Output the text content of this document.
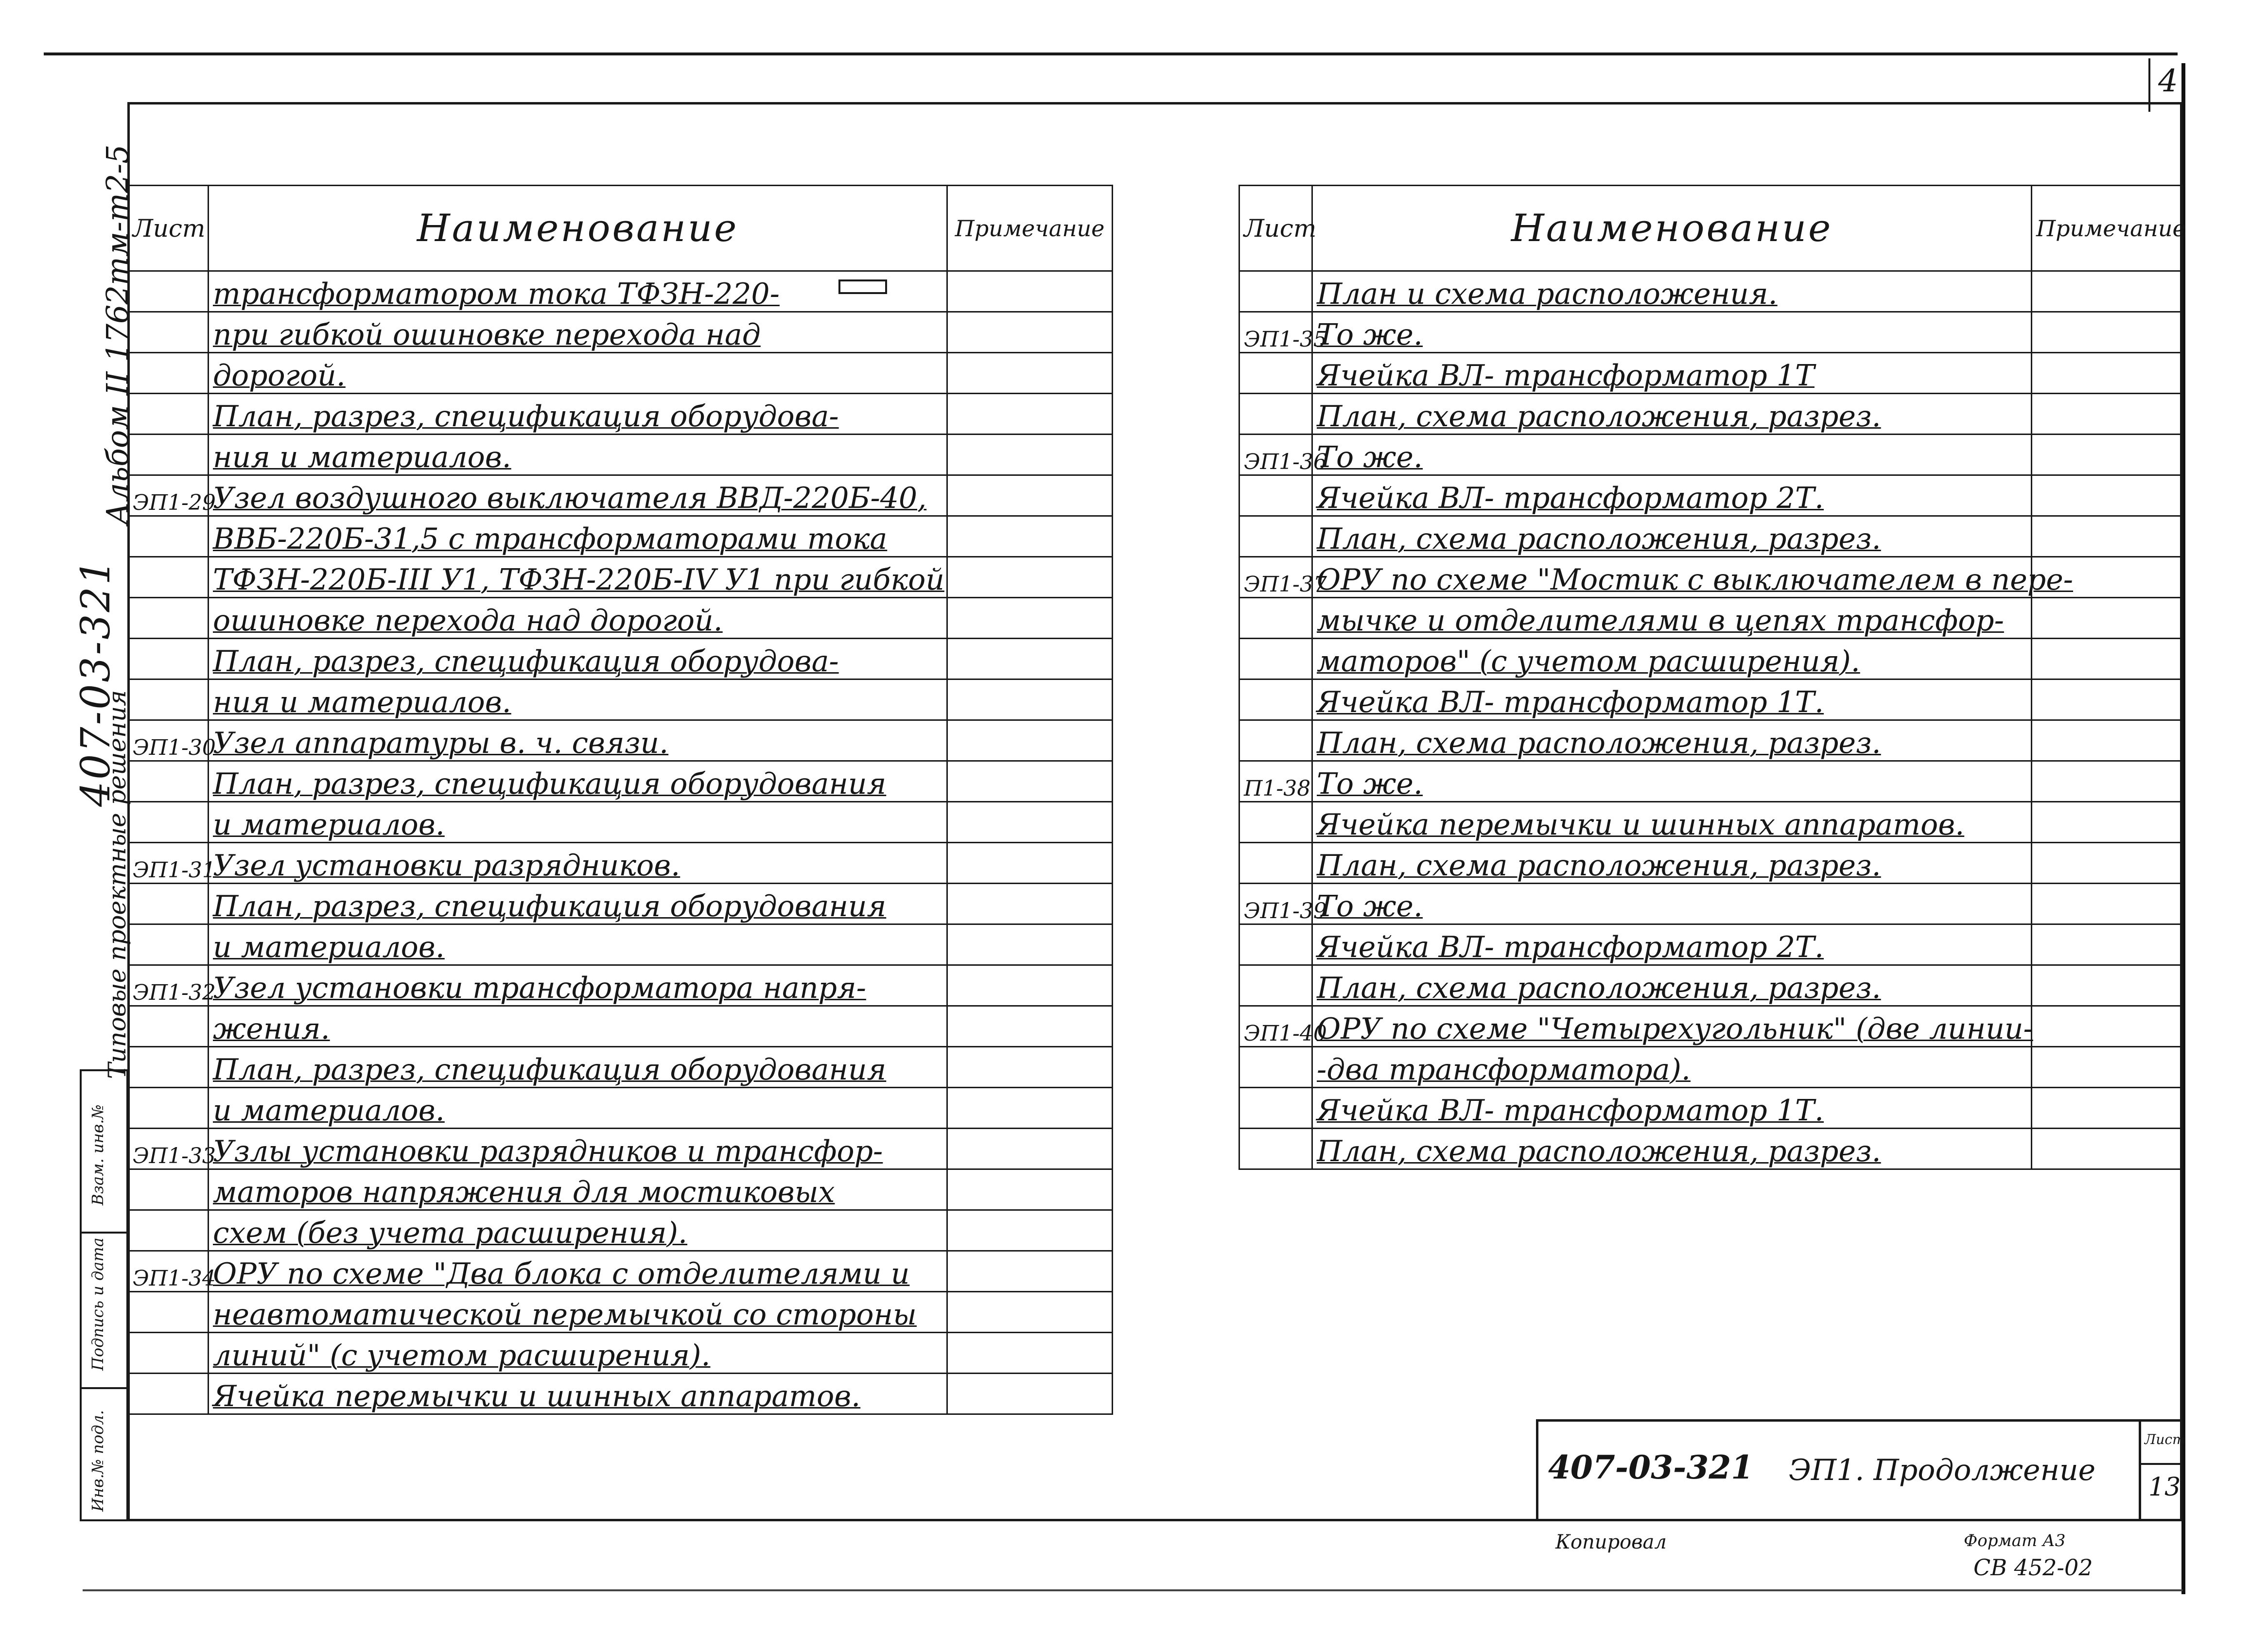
4
Альбом II 1762тм-т2-5
407-03-321
Типовые проектные решения
Взам. инв.№
Подпись и дата
Инв.№ подл.
Лист	Наименование	Примечание
	трансформатором тока ТФЗН-220-	
	при гибкой ошиновке перехода над	
	дорогой.	
	План, разрез, спецификация оборудова-	
	ния и материалов.	
ЭП1-29	Узел воздушного выключателя ВВД-220Б-40,	
	ВВБ-220Б-31,5 с трансформаторами тока	
	ТФЗН-220Б-III У1, ТФЗН-220Б-IV У1 при гибкой	
	ошиновке перехода над дорогой.	
	План, разрез, спецификация оборудова-	
	ния и материалов.	
ЭП1-30	Узел аппаратуры в. ч. связи.	
	План, разрез, спецификация оборудования	
	и материалов.	
ЭП1-31	Узел установки разрядников.	
	План, разрез, спецификация оборудования	
	и материалов.	
ЭП1-32	Узел установки трансформатора напря-	
	жения.	
	План, разрез, спецификация оборудования	
	и материалов.	
ЭП1-33	Узлы установки разрядников и трансфор-	
	маторов напряжения для мостиковых	
	схем (без учета расширения).	
ЭП1-34	ОРУ по схеме "Два блока с отделителями и	
	неавтоматической перемычкой со стороны	
	линий" (с учетом расширения).	
	Ячейка перемычки и шинных аппаратов.	
Лист	Наименование	Примечание
	План и схема расположения.	
ЭП1-35	То же.	
	Ячейка ВЛ- трансформатор 1Т	
	План, схема расположения, разрез.	
ЭП1-36	То же.	
	Ячейка ВЛ- трансформатор 2Т.	
	План, схема расположения, разрез.	
ЭП1-37	ОРУ по схеме "Мостик с выключателем в пере-	
	мычке и отделителями в цепях трансфор-	
	маторов" (с учетом расширения).	
	Ячейка ВЛ- трансформатор 1Т.	
	План, схема расположения, разрез.	
П1-38	То же.	
	Ячейка перемычки и шинных аппаратов.	
	План, схема расположения, разрез.	
ЭП1-39	То же.	
	Ячейка ВЛ- трансформатор 2Т.	
	План, схема расположения, разрез.	
ЭП1-40	ОРУ по схеме "Четырехугольник" (две линии-	
	-два трансформатора).	
	Ячейка ВЛ- трансформатор 1Т.	
	План, схема расположения, разрез.	
407-03-321 ЭП1. Продолжение
Лист
13
Копировал	Формат А3
СВ 452-02
